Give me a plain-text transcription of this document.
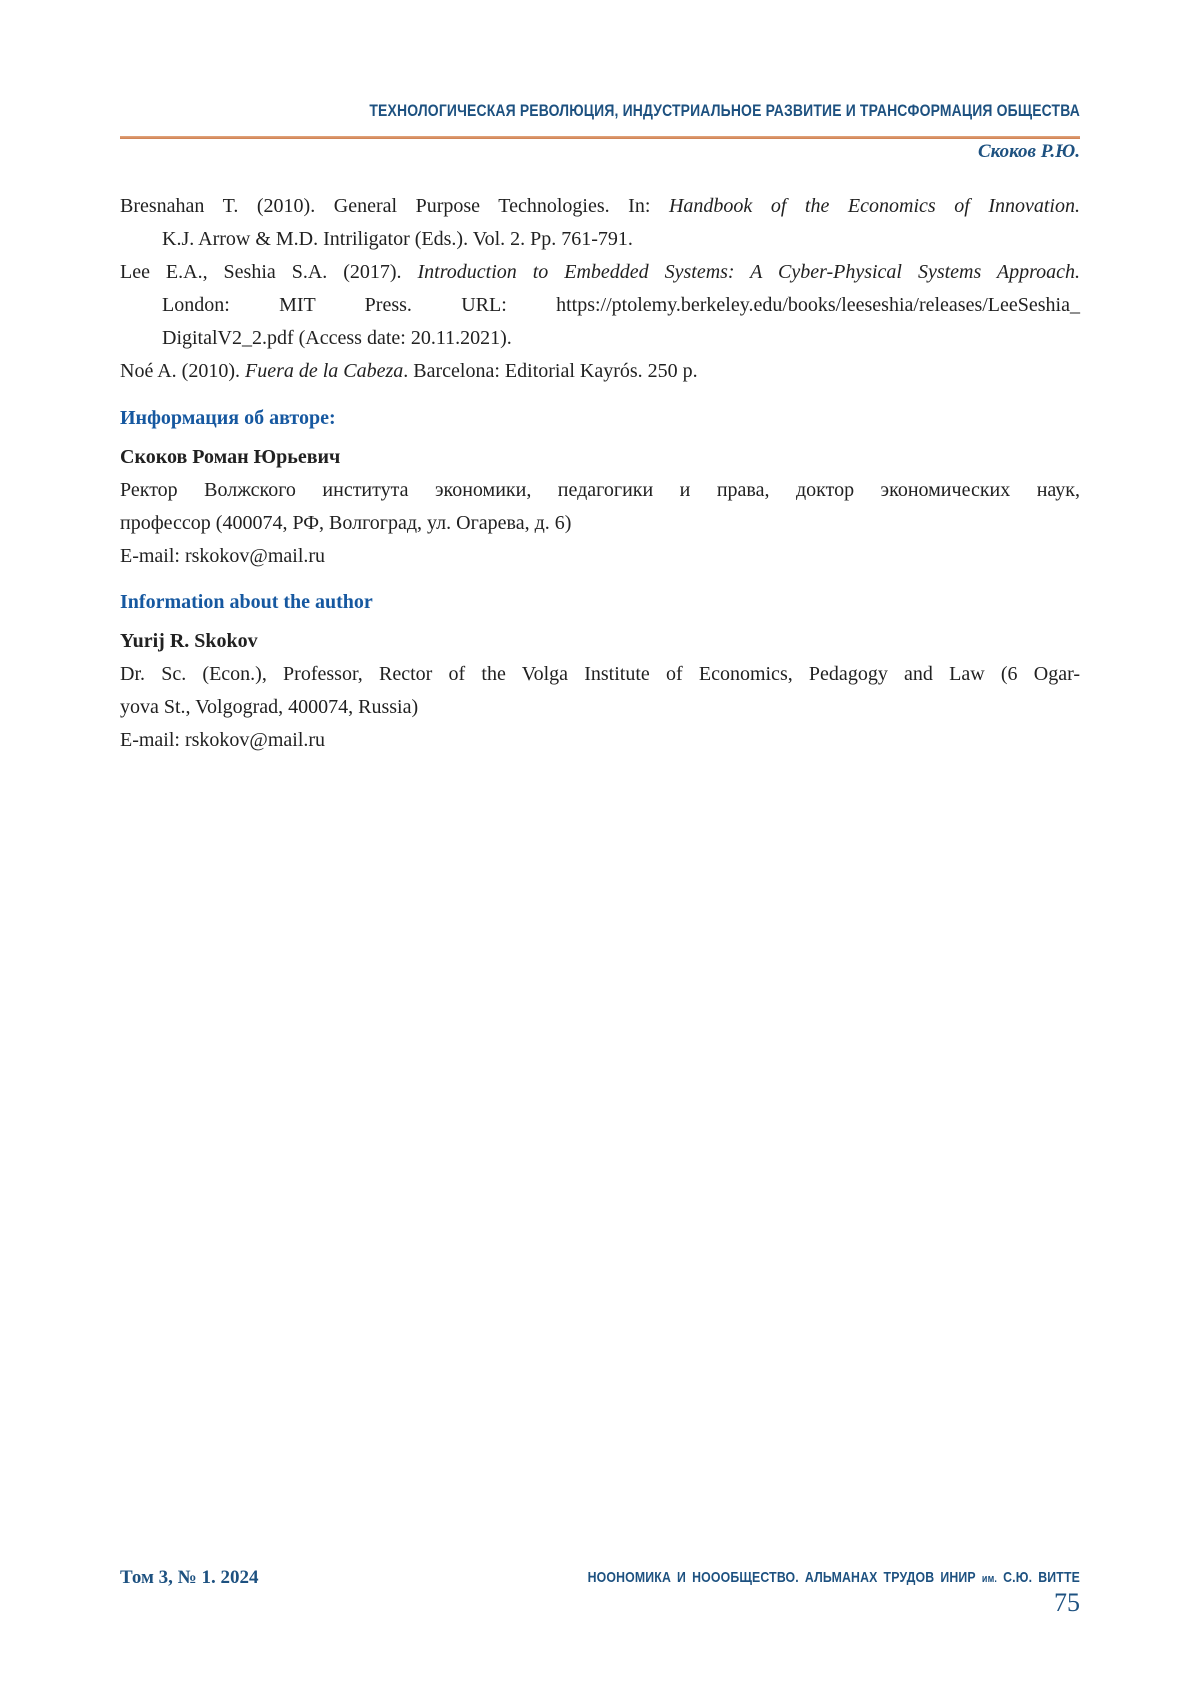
ТЕХНОЛОГИЧЕСКАЯ РЕВОЛЮЦИЯ, ИНДУСТРИАЛЬНОЕ РАЗВИТИЕ И ТРАНСФОРМАЦИЯ ОБЩЕСТВА
Скоков Р.Ю.
Bresnahan T. (2010). General Purpose Technologies. In: Handbook of the Economics of Innovation.
K.J. Arrow & M.D. Intriligator (Eds.). Vol. 2. Pp. 761-791.
Lee E.A., Seshia S.A. (2017). Introduction to Embedded Systems: A Cyber-Physical Systems Approach.
London: MIT Press. URL: https://ptolemy.berkeley.edu/books/leeseshia/releases/LeeSeshia_
DigitalV2_2.pdf (Access date: 20.11.2021).
Noé A. (2010). Fuera de la Cabeza. Barcelona: Editorial Kayrós. 250 p.
Информация об авторе:
Скоков Роман Юрьевич
Ректор Волжского института экономики, педагогики и права, доктор экономических наук,
профессор (400074, РФ, Волгоград, ул. Огарева, д. 6)
E-mail: rskokov@mail.ru
Information about the author
Yurij R. Skokov
Dr. Sc. (Econ.), Professor, Rector of the Volga Institute of Economics, Pedagogy and Law (6 Ogar-
yova St., Volgograd, 400074, Russia)
E-mail: rskokov@mail.ru
Том 3, № 1. 2024	НООНОМИКА И НОООБЩЕСТВО. АЛЬМАНАХ ТРУДОВ ИНИР им. С.Ю. ВИТТЕ
75
